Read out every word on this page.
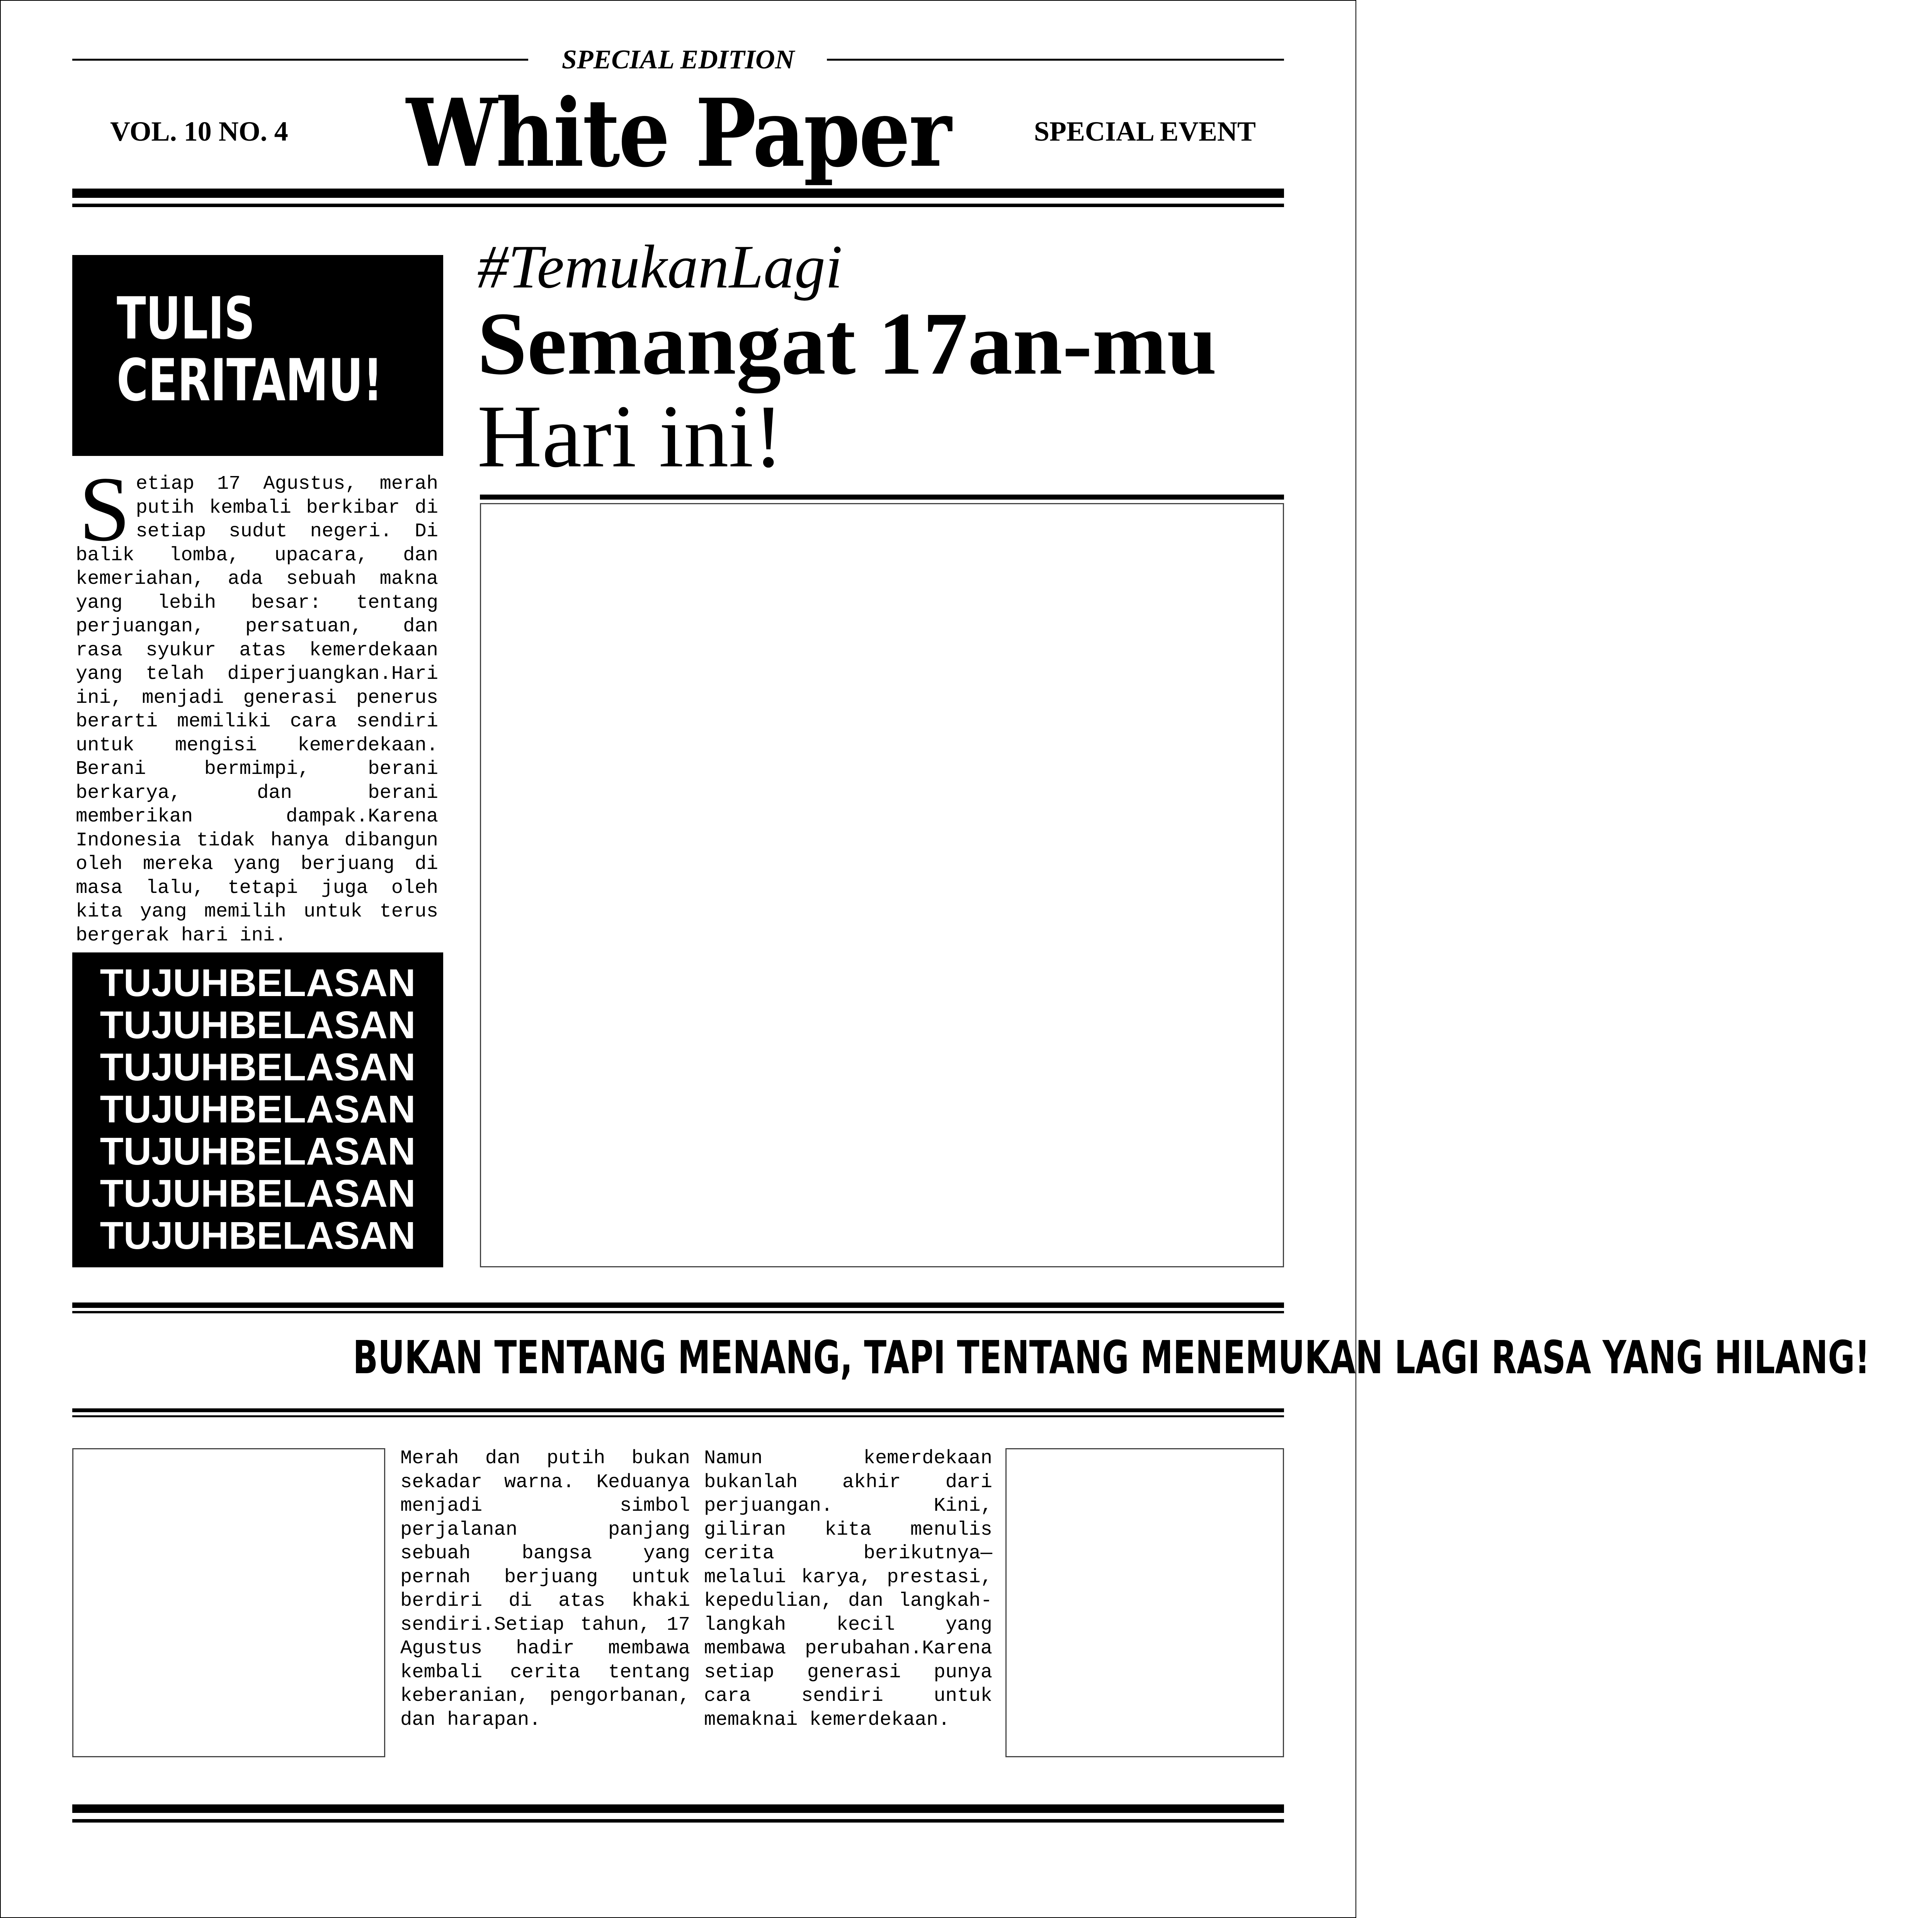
SPECIAL EDITION
VOL. 10 NO. 4	White Paper	SPECIAL EVENT
TULIS
CERITAMU!

Setiap 17 Agustus, merah putih kembali berkibar di setiap sudut negeri. Di balik lomba, upacara, dan kemeriahan, ada sebuah makna yang lebih besar: tentang perjuangan, persatuan, dan rasa syukur atas kemerdekaan yang telah diperjuangkan.Hari ini, menjadi generasi penerus berarti memiliki cara sendiri untuk mengisi kemerdekaan. Berani bermimpi, berani berkarya, dan berani memberikan dampak.Karena Indonesia tidak hanya dibangun oleh mereka yang berjuang di masa lalu, tetapi juga oleh kita yang memilih untuk terus bergerak hari ini.

TUJUHBELASAN
TUJUHBELASAN
TUJUHBELASAN
TUJUHBELASAN
TUJUHBELASAN
TUJUHBELASAN
TUJUHBELASAN
#TemukanLagi
Semangat 17an-mu
Hari ini!
BUKAN TENTANG MENANG, TAPI TENTANG MENEMUKAN LAGI RASA YANG HILANG!

Merah dan putih bukan sekadar warna. Keduanya menjadi simbol perjalanan panjang sebuah bangsa yang pernah berjuang untuk berdiri di atas khaki sendiri.Setiap tahun, 17 Agustus hadir membawa kembali cerita tentang keberanian, pengorbanan, dan harapan.

Namun kemerdekaan bukanlah akhir dari perjuangan. Kini, giliran kita menulis cerita berikutnya—melalui karya, prestasi, kepedulian, dan langkah-langkah kecil yang membawa perubahan.Karena setiap generasi punya cara sendiri untuk memaknai kemerdekaan.
